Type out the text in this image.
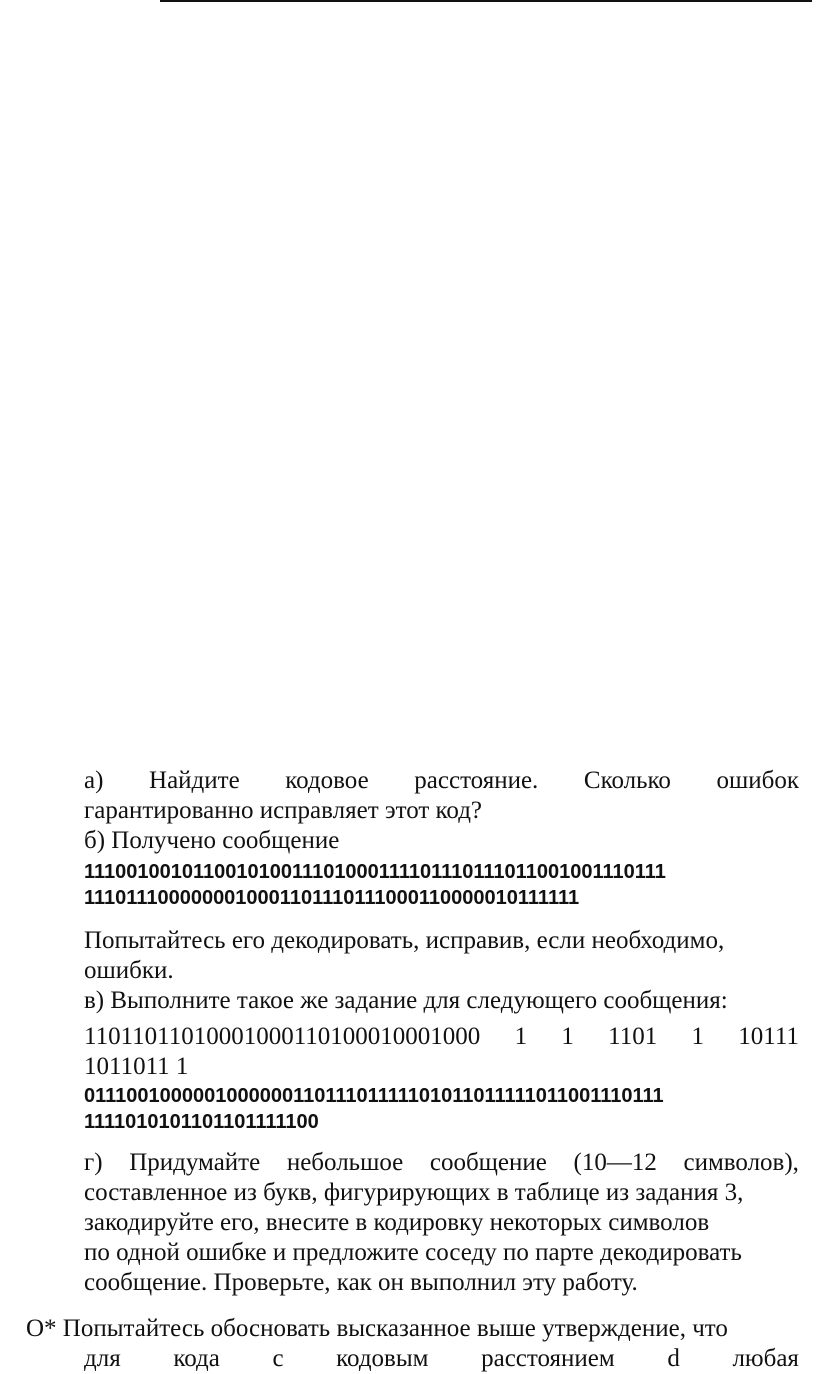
а) Найдите кодовое расстояние. Сколько ошибок
гарантированно исправляет этот код?
б) Получено сообщение
111001001011001010011101000111101110111011001001110111
1110111000000010001101110111000110000010111111
Попытайтесь его декодировать, исправив, если необходимо,
ошибки.
в) Выполните такое же задание для следующего сообщения:
11011011010001000110100010001000 1 1 1101 1 10111
1011011 1
011100100000100000011011101111101011011111011001110111
1111010101101101111100
г) Придумайте небольшое сообщение (10—12 символов),
составленное из букв, фигурирующих в таблице из задания 3,
закодируйте его, внесите в кодировку некоторых символов
по одной ошибке и предложите соседу по парте декодировать
сообщение. Проверьте, как он выполнил эту работу.
О* Попытайтесь обосновать высказанное выше утверждение, что
для кода с кодовым расстоянием d любая
